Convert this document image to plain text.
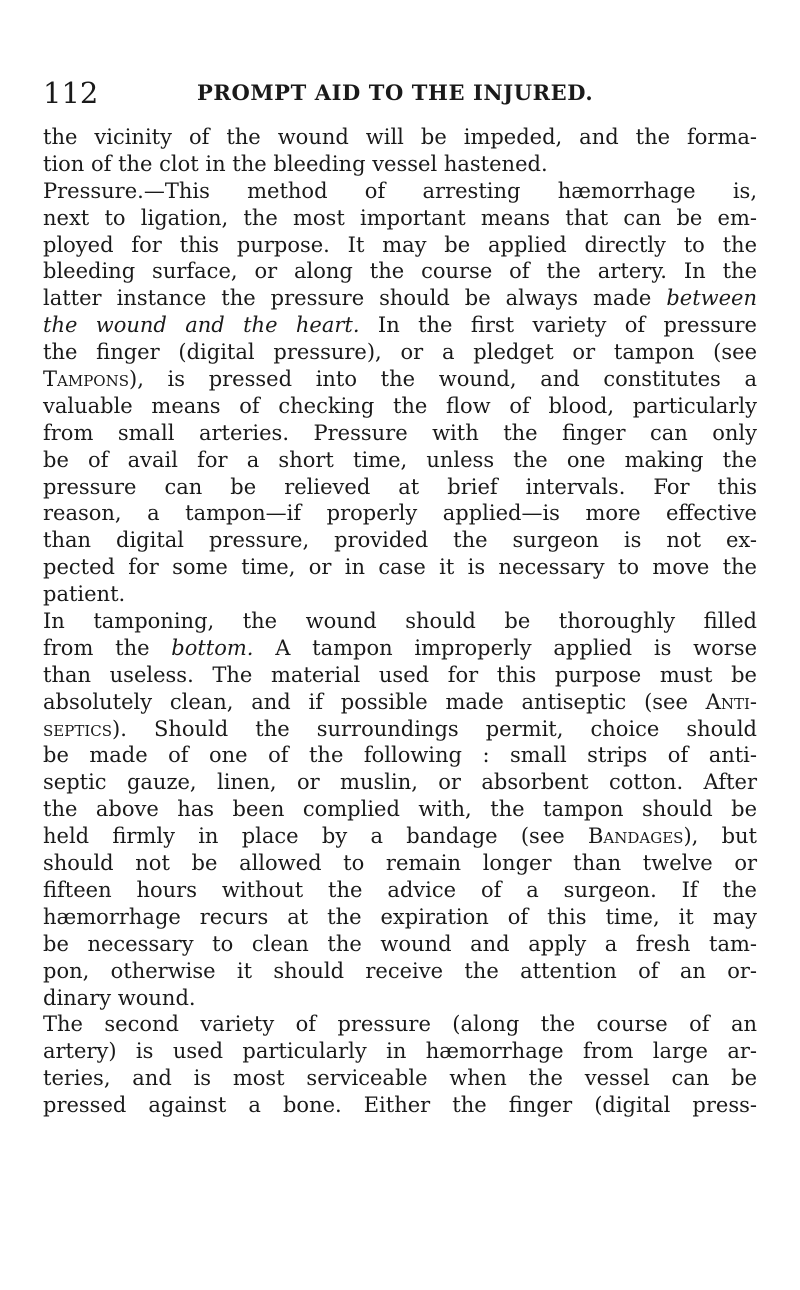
112	PROMPT AID TO THE INJURED.
the vicinity of the wound will be impeded, and the forma-
tion of the clot in the bleeding vessel hastened.
Pressure.—This method of arresting hæmorrhage is,
next to ligation, the most important means that can be em-
ployed for this purpose. It may be applied directly to the
bleeding surface, or along the course of the artery. In the
latter instance the pressure should be always made between
the wound and the heart. In the first variety of pressure
the finger (digital pressure), or a pledget or tampon (see
Tampons), is pressed into the wound, and constitutes a
valuable means of checking the flow of blood, particularly
from small arteries. Pressure with the finger can only
be of avail for a short time, unless the one making the
pressure can be relieved at brief intervals. For this
reason, a tampon—if properly applied—is more effective
than digital pressure, provided the surgeon is not ex-
pected for some time, or in case it is necessary to move the
patient.
In tamponing, the wound should be thoroughly filled
from the bottom. A tampon improperly applied is worse
than useless. The material used for this purpose must be
absolutely clean, and if possible made antiseptic (see Anti-
septics). Should the surroundings permit, choice should
be made of one of the following : small strips of anti-
septic gauze, linen, or muslin, or absorbent cotton. After
the above has been complied with, the tampon should be
held firmly in place by a bandage (see Bandages), but
should not be allowed to remain longer than twelve or
fifteen hours without the advice of a surgeon. If the
hæmorrhage recurs at the expiration of this time, it may
be necessary to clean the wound and apply a fresh tam-
pon, otherwise it should receive the attention of an or-
dinary wound.
The second variety of pressure (along the course of an
artery) is used particularly in hæmorrhage from large ar-
teries, and is most serviceable when the vessel can be
pressed against a bone. Either the finger (digital press-
